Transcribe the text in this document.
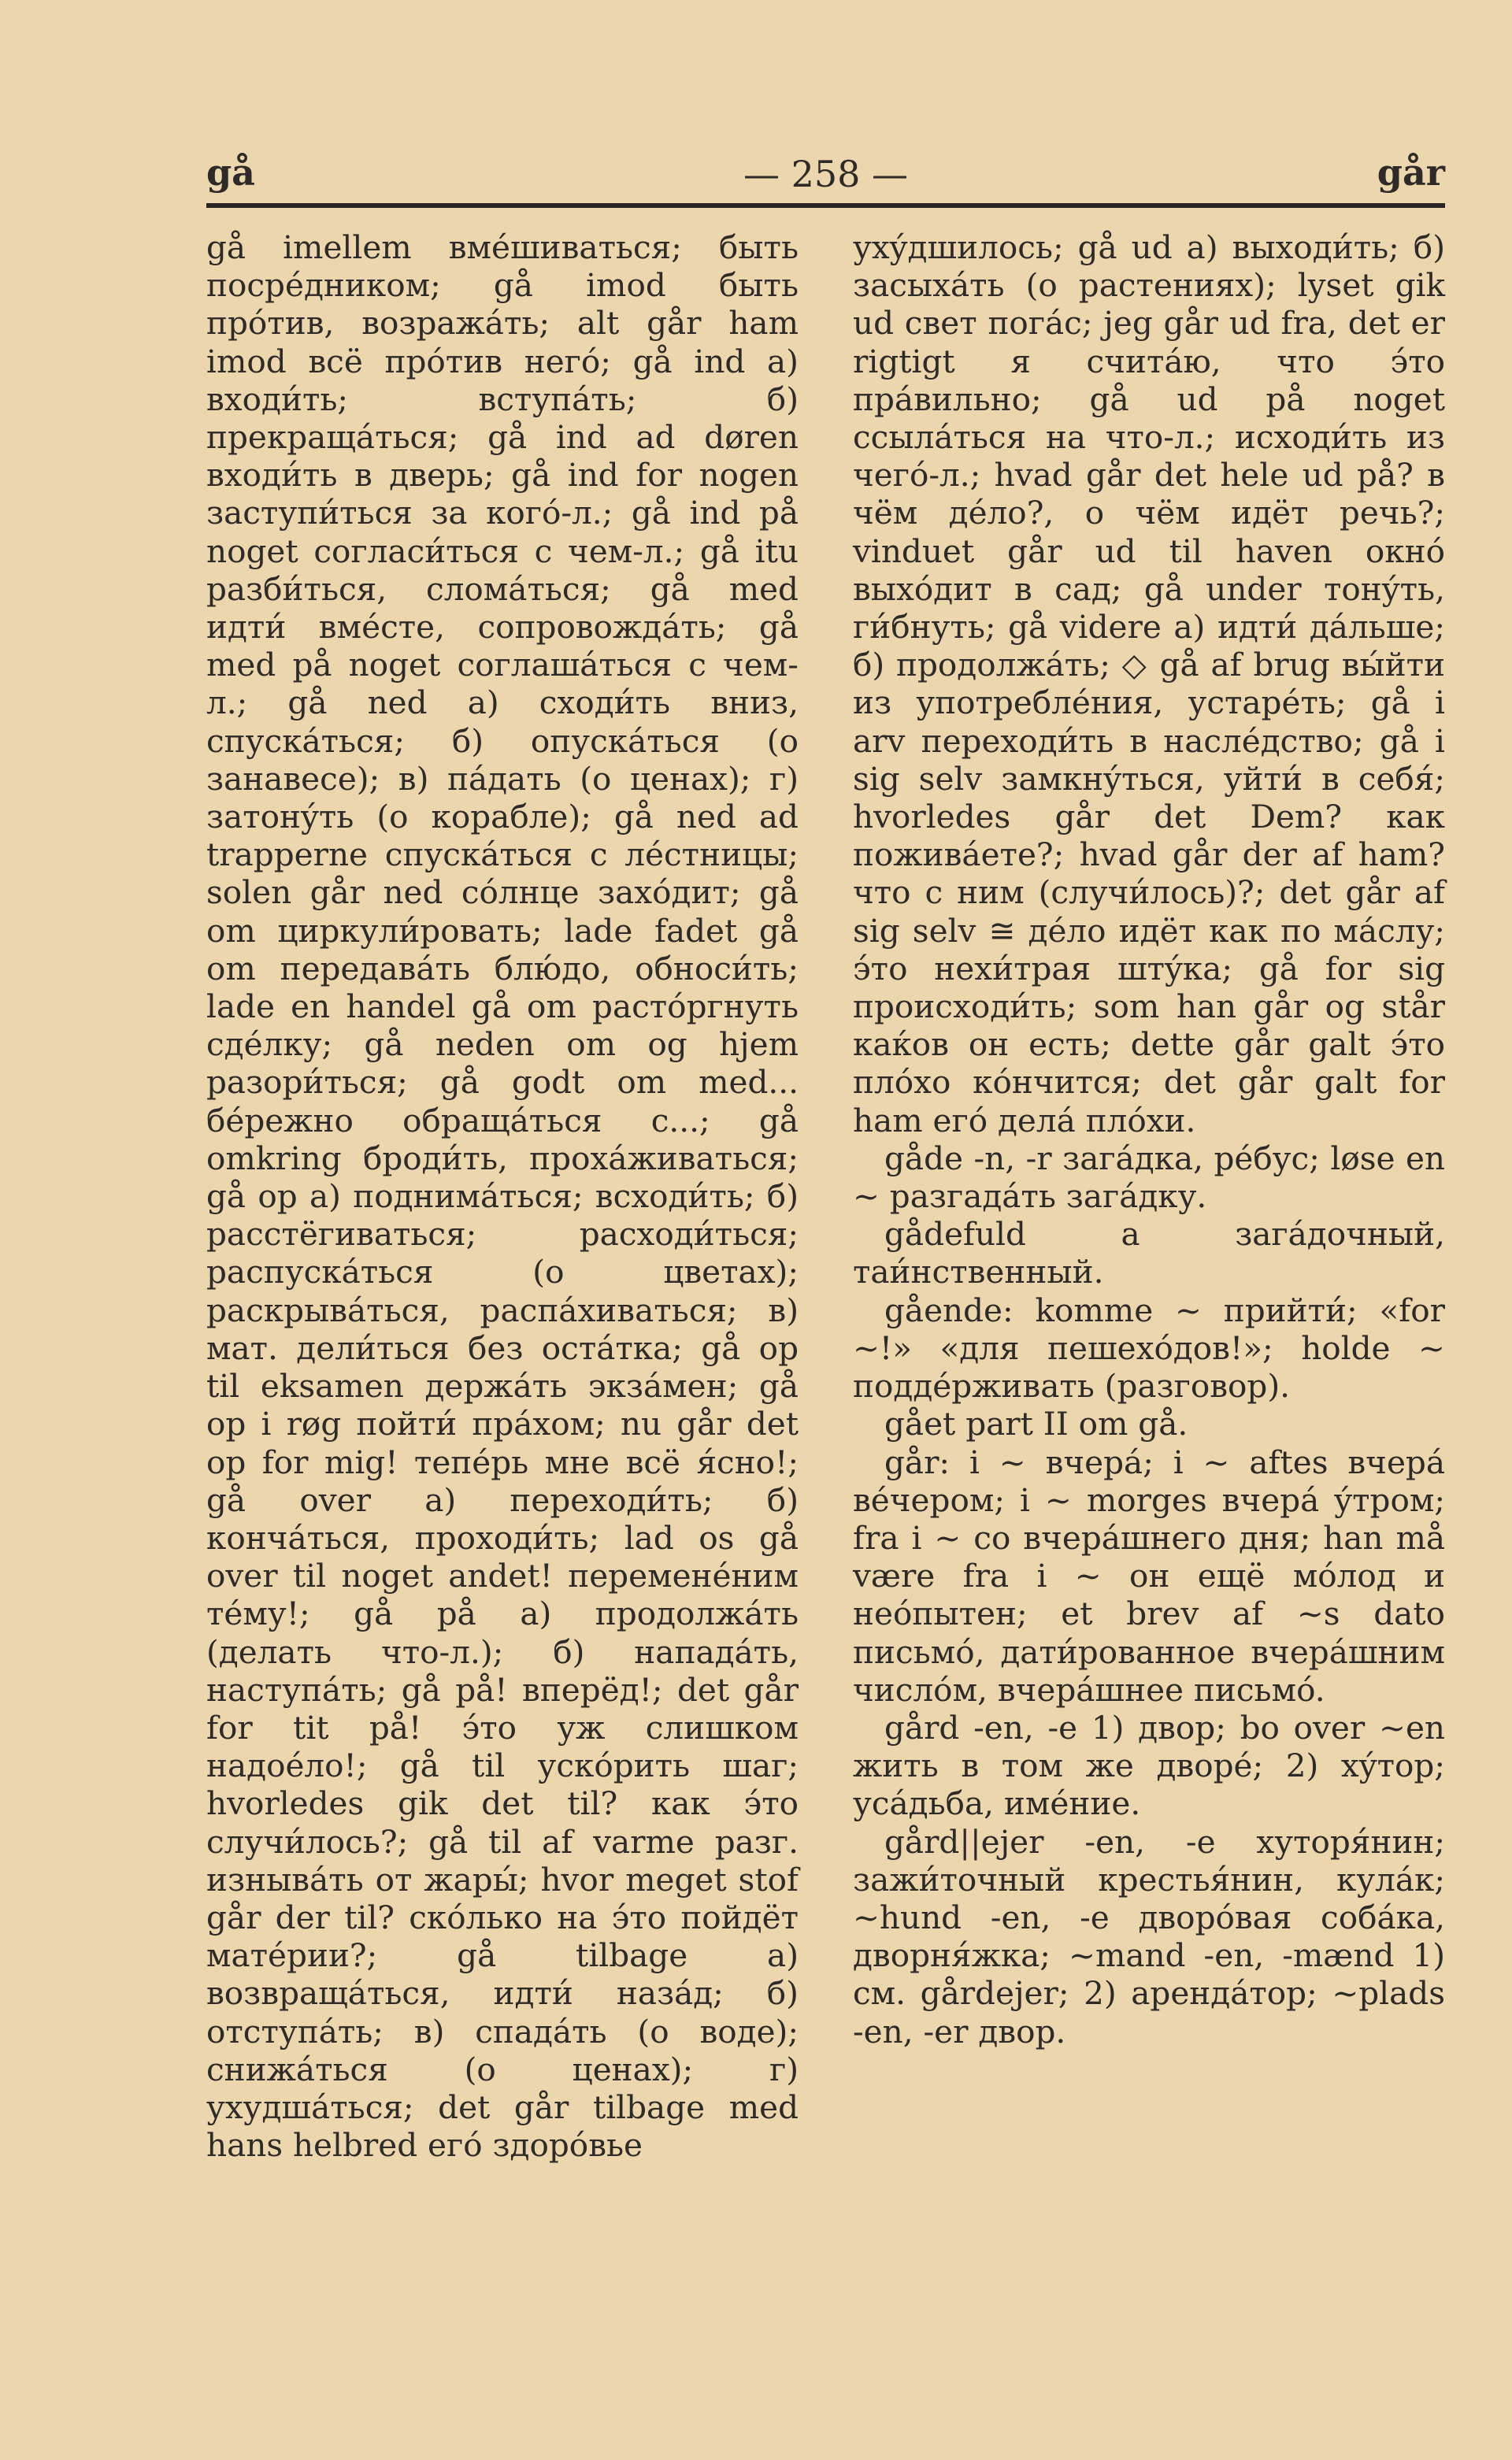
gå	— 258 —	går

gå imellem вмéшиваться; быть посрéдником; gå imod быть прóтив, возражáть; alt går ham imod всё прóтив негó; gå ind а) входи́ть; вступáть; б) прекращáться; gå ind ad døren входи́ть в дверь; gå ind for nogen заступи́ться за когó-л.; gå ind på noget согласи́ться с чем-л.; gå itu разби́ться, сломáться; gå med идти́ вмéсте, сопровождáть; gå med på noget соглашáться с чем-л.; gå ned а) сходи́ть вниз, спускáться; б) опускáться (о занавесе); в) пáдать (о ценах); г) затонýть (о корабле); gå ned ad trapperne спускáться с лéстницы; solen går ned сóлнце захóдит; gå om циркули́ровать; lade fadet gå om передавáть блю́до, обноси́ть; lade en handel gå om растóргнуть сдéлку; gå neden om og hjem разори́ться; gå godt om med... бéрежно обращáться с...; gå omkring броди́ть, прохáживаться; gå op а) поднимáться; всходи́ть; б) расстёгиваться; расходи́ться; распускáться (о цветах); раскрывáться, распáхиваться; в) мат. дели́ться без остáтка; gå op til eksamen держáть экзáмен; gå op i røg пойти́ прáхом; nu går det op for mig! тепéрь мне всё я́сно!; gå over а) переходи́ть; б) кончáться, проходи́ть; lad os gå over til noget andet! переменéним тéму!; gå på а) продолжáть (делать что-л.); б) нападáть, наступáть; gå på! вперёд!; det går for tit på! э́то уж слишком надоéло!; gå til ускóрить шаг; hvorledes gik det til? как э́то случи́лось?; gå til af varme разг. изнывáть от жары́; hvor meget stof går der til? скóлько на э́то пойдёт матéрии?; gå tilbage а) возвращáться, идти́ назáд; б) отступáть; в) спадáть (о воде); снижáться (о ценах); г) ухудшáться; det går tilbage med hans helbred егó здорóвье

ухýдшилось; gå ud а) выходи́ть; б) засыхáть (о растениях); lyset gik ud свет погáс; jeg går ud fra, det er rigtigt я считáю, что э́то прáвильно; gå ud på noget ссылáться на что-л.; исходи́ть из чегó-л.; hvad går det hele ud på? в чём дéло?, о чём идёт речь?; vinduet går ud til haven окнó выхóдит в сад; gå under тонýть, ги́бнуть; gå videre а) идти́ дáльше; б) продолжáть; ◇ gå af brug вы́йти из употреблéния, устарéть; gå i arv переходи́ть в наслéдство; gå i sig selv замкнýться, уйти́ в себя́; hvorledes går det Dem? как поживáете?; hvad går der af ham? что с ним (случи́лось)?; det går af sig selv ≅ дéло идёт как по мáслу; э́то нехи́трая штýка; gå for sig происходи́ть; som han går og står каќов он есть; dette går galt э́то плóхо кóнчится; det går galt for ham егó делá плóхи.

gåde -n, -r загáдка, рéбус; løse en ~ разгадáть загáдку.

gådefuld a загáдочный, таи́нственный.

gående: komme ~ прийти́; «for ~!» «для пешехóдов!»; holde ~ поддéрживать (разговор).

gået part II om gå.

går: i ~ вчерá; i ~ aftes вчерá вéчером; i ~ morges вчерá ýтром; fra i ~ со вчерáшнего дня; han må være fra i ~ он ещё мóлод и неóпытен; et brev af ~s dato письмó, дати́рованное вчерáшним числóм, вчерáшнее письмó.

gård -en, -e 1) двор; bo over ~en жить в том же дворé; 2) хýтор; усáдьба, имéние.

gård||ejer -en, -e хуторя́нин; зажи́точный крестья́нин, кулáк; ~hund -en, -e дворóвая собáка, дворня́жка; ~mand -en, -mænd 1) см. gårdejer; 2) арендáтор; ~plads -en, -er двор.
